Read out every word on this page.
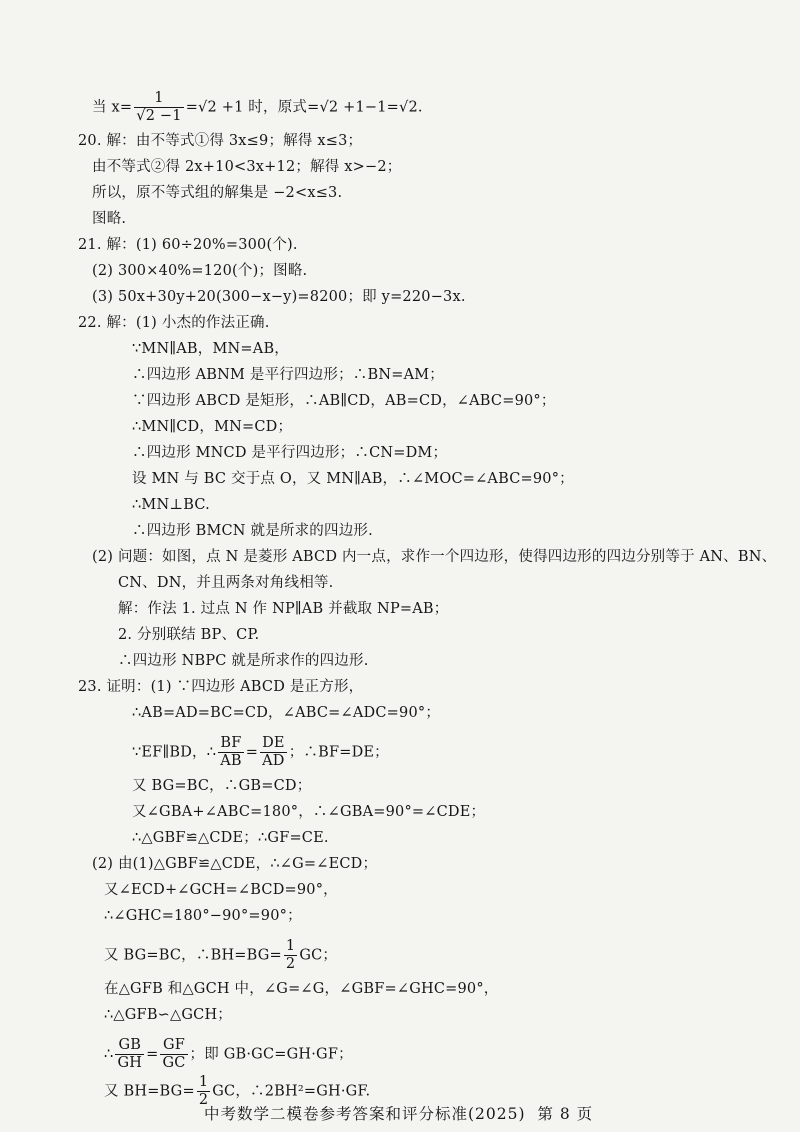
当 $x= \frac{1}{√2 -1} =√2 +1$ 时，原式=√2 +1−1=√2.
20. 解：由不等式①得 3x≤9；解得 x≤3；
由不等式②得 2x+10<3x+12；解得 x>−2；
所以，原不等式组的解集是 −2<x≤3.
图略.
21. 解：(1) 60÷20%=300(个).
(2) 300×40%=120(个)；图略.
(3) 50x+30y+20(300−x−y)=8200；即 y=220−3x.
22. 解：(1) 小杰的作法正确.
∵MN∥AB，MN=AB，
∴四边形 ABNM 是平行四边形；∴BN=AM；
∵四边形 ABCD 是矩形，∴AB∥CD，AB=CD，∠ABC=90°；
∴MN∥CD，MN=CD；
∴四边形 MNCD 是平行四边形；∴CN=DM；
设 MN 与 BC 交于点 O，又 MN∥AB，∴∠MOC=∠ABC=90°；
∴MN⊥BC.
∴四边形 BMCN 就是所求的四边形.
(2) 问题：如图，点 N 是菱形 ABCD 内一点，求作一个四边形，使得四边形的四边分别等于 AN、BN、
CN、DN，并且两条对角线相等.
解：作法 1. 过点 N 作 NP∥AB 并截取 NP=AB；
2. 分别联结 BP、CP.
∴四边形 NBPC 就是所求作的四边形.
23. 证明：(1) ∵四边形 ABCD 是正方形，
∴AB=AD=BC=CD，∠ABC=∠ADC=90°；
∵EF∥BD，∴ $\frac{BF}{AB} = \frac{DE}{AD}$ ；∴BF=DE；
又 BG=BC，∴GB=CD；
又∠GBA+∠ABC=180°，∴∠GBA=90°=∠CDE；
∴△GBF≌△CDE；∴GF=CE.
(2) 由(1)△GBF≌△CDE，∴∠G=∠ECD；
又∠ECD+∠GCH=∠BCD=90°，
∴∠GHC=180°−90°=90°；
又 BG=BC，∴BH=BG= $\frac{1}{2}$ GC；
在△GFB 和△GCH 中，∠G=∠G，∠GBF=∠GHC=90°，
∴△GFB∽△GCH；
∴ $\frac{GB}{GH} = \frac{GF}{GC}$ ；即 GB·GC=GH·GF；
又 $BH=BG= \frac{1}{2}$ GC，∴2BH²=GH·GF.
中考数学二模卷参考答案和评分标准(2025) 第 8 页
